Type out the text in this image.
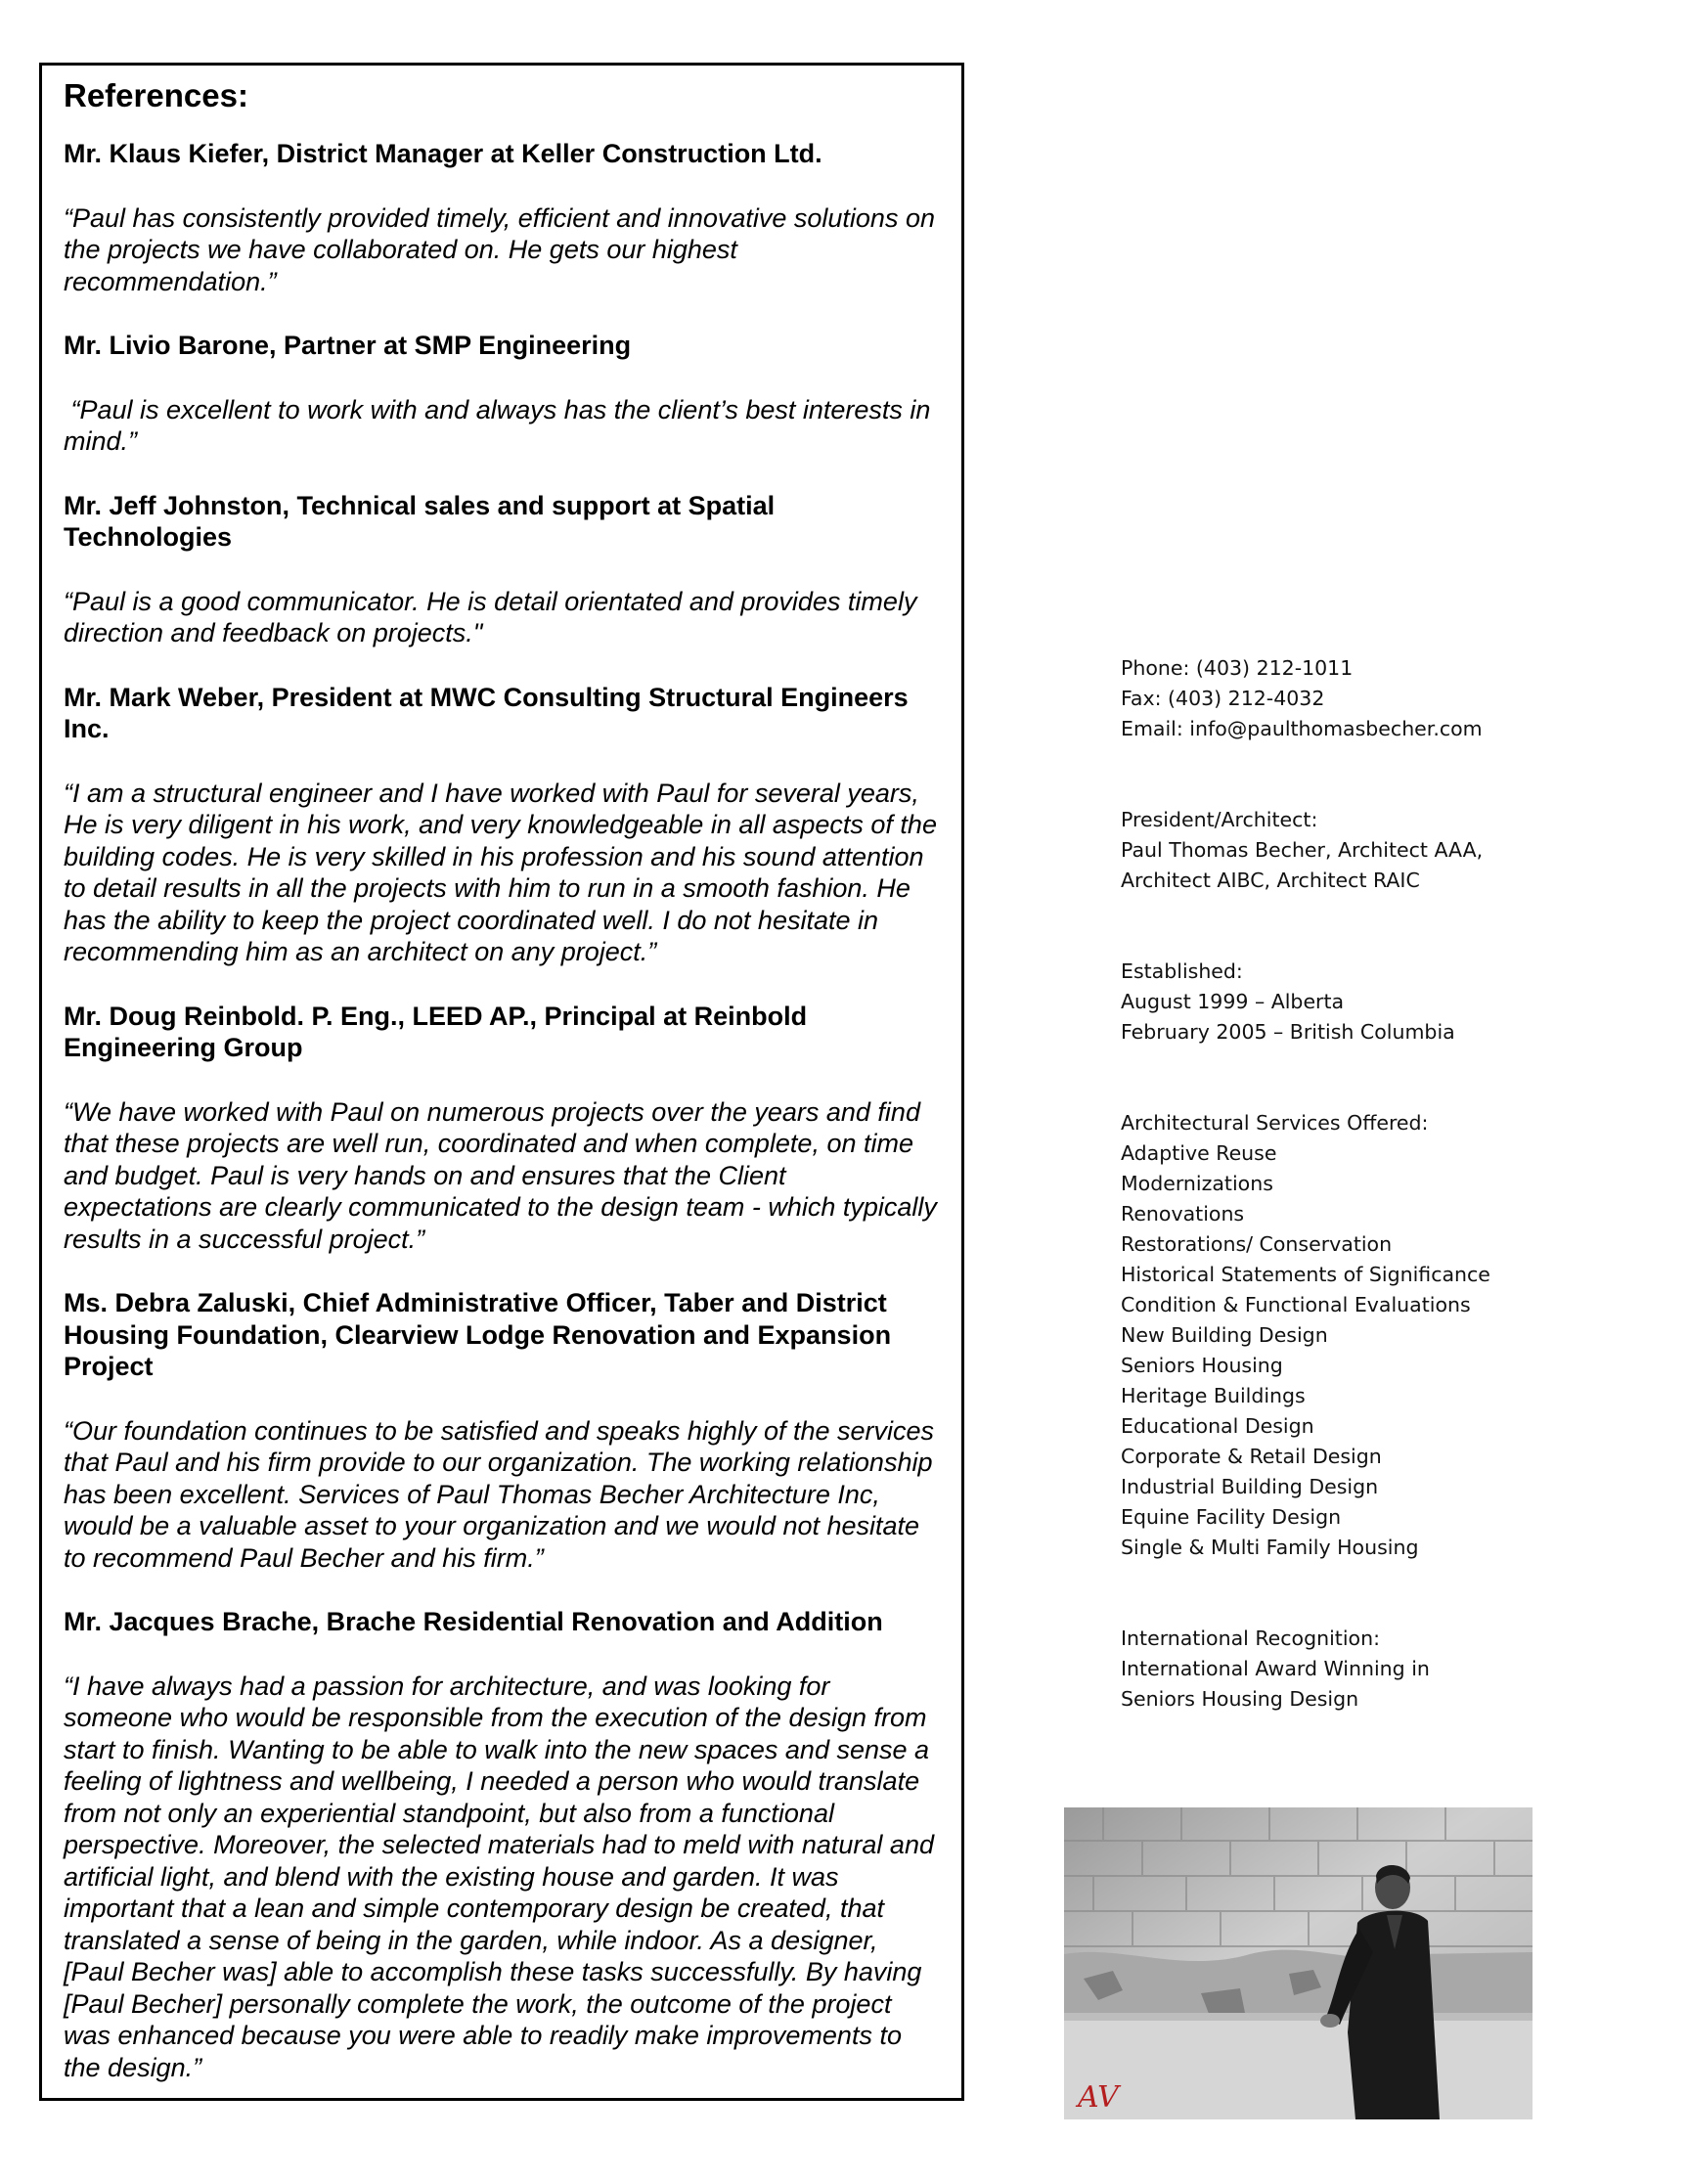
References:
Mr. Klaus Kiefer, District Manager at Keller Construction Ltd.
“Paul has consistently provided timely, efficient and innovative solutions on the projects we have collaborated on. He gets our highest recommendation.”
Mr. Livio Barone, Partner at SMP Engineering
“Paul is excellent to work with and always has the client’s best interests in mind.”
Mr. Jeff Johnston, Technical sales and support at Spatial Technologies
“Paul is a good communicator. He is detail orientated and provides timely direction and feedback on projects."
Mr. Mark Weber, President at MWC Consulting Structural Engineers Inc.
“I am a structural engineer and I have worked with Paul for several years, He is very diligent in his work, and very knowledgeable in all aspects of the building codes. He is very skilled in his profession and his sound attention to detail results in all the projects with him to run in a smooth fashion. He has the ability to keep the project coordinated well. I do not hesitate in recommending him as an architect on any project.”
Mr. Doug Reinbold. P. Eng., LEED AP., Principal at Reinbold Engineering Group
“We have worked with Paul on numerous projects over the years and find that these projects are well run, coordinated and when complete, on time and budget. Paul is very hands on and ensures that the Client expectations are clearly communicated to the design team - which typically results in a successful project.”
Ms. Debra Zaluski, Chief Administrative Officer, Taber and District Housing Foundation, Clearview Lodge Renovation and Expansion Project
“Our foundation continues to be satisfied and speaks highly of the services that Paul and his firm provide to our organization. The working relationship has been excellent. Services of Paul Thomas Becher Architecture Inc, would be a valuable asset to your organization and we would not hesitate to recommend Paul Becher and his firm.”
Mr. Jacques Brache, Brache Residential Renovation and Addition
“I have always had a passion for architecture, and was looking for someone who would be responsible from the execution of the design from start to finish. Wanting to be able to walk into the new spaces and sense a feeling of lightness and wellbeing, I needed a person who would translate from not only an experiential standpoint, but also from a functional perspective. Moreover, the selected materials had to meld with natural and artificial light, and blend with the existing house and garden. It was important that a lean and simple contemporary design be created, that translated a sense of being in the garden, while indoor. As a designer, [Paul Becher was] able to accomplish these tasks successfully. By having [Paul Becher] personally complete the work, the outcome of the project was enhanced because you were able to readily make improvements to the design.”
Phone: (403) 212-1011
Fax: (403) 212-4032
Email: info@paulthomasbecher.com
President/Architect:
Paul Thomas Becher, Architect AAA,
Architect AIBC, Architect RAIC
Established:
August 1999 – Alberta
February 2005 – British Columbia
Architectural Services Offered:
Adaptive Reuse
Modernizations
Renovations
Restorations/ Conservation
Historical Statements of Significance
Condition & Functional Evaluations
New Building Design
Seniors Housing
Heritage Buildings
Educational Design
Corporate & Retail Design
Industrial Building Design
Equine Facility Design
Single & Multi Family Housing
International Recognition:
International Award Winning in
Seniors Housing Design
AV
